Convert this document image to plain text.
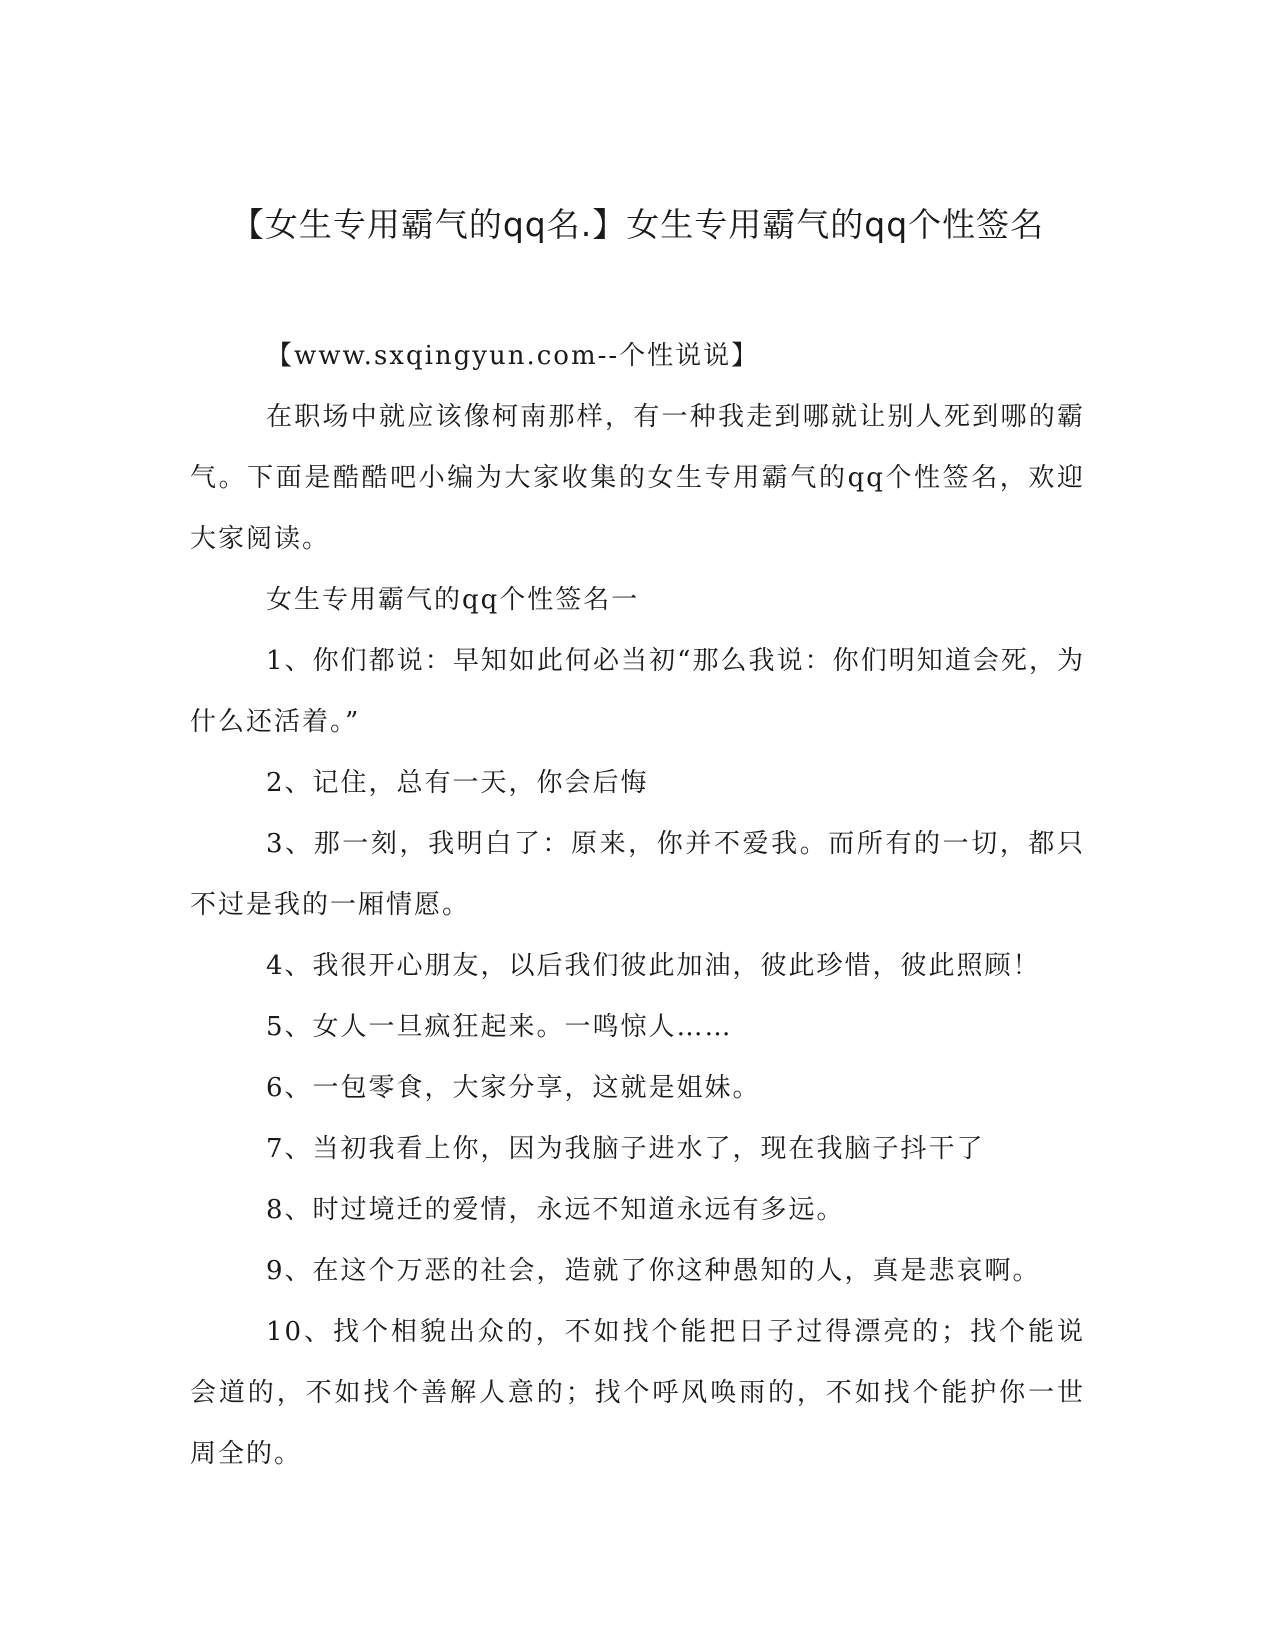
【女生专用霸气的qq名.】女生专用霸气的qq个性签名

【www.sxqingyun.com--个性说说】

在职场中就应该像柯南那样，有一种我走到哪就让别人死到哪的霸气。下面是酷酷吧小编为大家收集的女生专用霸气的qq个性签名，欢迎大家阅读。

女生专用霸气的qq个性签名一

1、你们都说：早知如此何必当初“那么我说：你们明知道会死，为什么还活着。”

2、记住，总有一天，你会后悔

3、那一刻，我明白了：原来，你并不爱我。而所有的一切，都只不过是我的一厢情愿。

4、我很开心朋友，以后我们彼此加油，彼此珍惜，彼此照顾！

5、女人一旦疯狂起来。一鸣惊人……

6、一包零食，大家分享，这就是姐妹。

7、当初我看上你，因为我脑子进水了，现在我脑子抖干了

8、时过境迁的爱情，永远不知道永远有多远。

9、在这个万恶的社会，造就了你这种愚知的人，真是悲哀啊。

10、找个相貌出众的，不如找个能把日子过得漂亮的；找个能说会道的，不如找个善解人意的；找个呼风唤雨的，不如找个能护你一世周全的。
